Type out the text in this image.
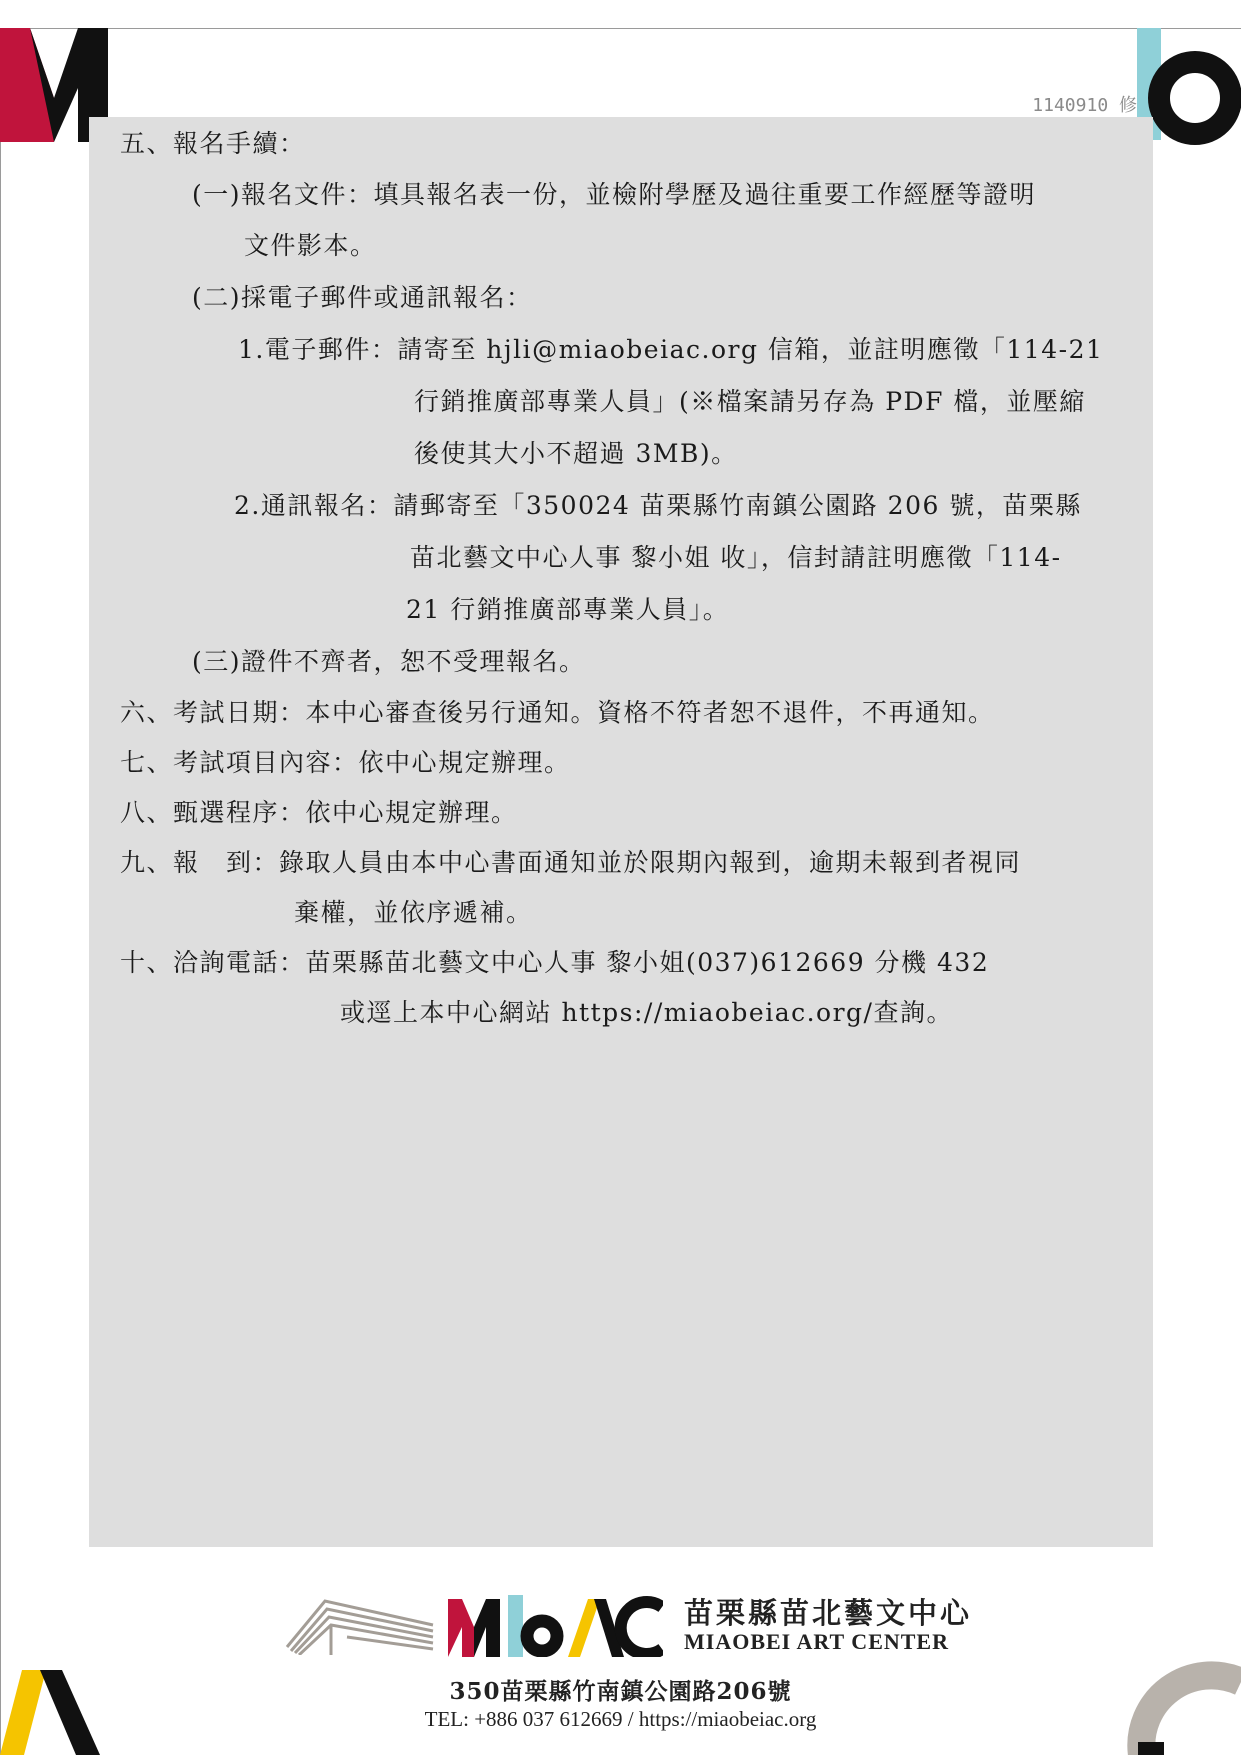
1140910 修
五、報名手續：
(一)報名文件：填具報名表一份，並檢附學歷及過往重要工作經歷等證明
文件影本。
(二)採電子郵件或通訊報名：
1.電子郵件：請寄至 hjli@miaobeiac.org 信箱，並註明應徵「114-21
行銷推廣部專業人員」(※檔案請另存為 PDF 檔，並壓縮
後使其大小不超過 3MB)。
2.通訊報名：請郵寄至「350024 苗栗縣竹南鎮公園路 206 號，苗栗縣
苗北藝文中心人事 黎小姐 收」，信封請註明應徵「114-
21 行銷推廣部專業人員」。
(三)證件不齊者，恕不受理報名。
六、考試日期：本中心審查後另行通知。資格不符者恕不退件，不再通知。
七、考試項目內容：依中心規定辦理。
八、甄選程序：依中心規定辦理。
九、報　到：錄取人員由本中心書面通知並於限期內報到，逾期未報到者視同
棄權，並依序遞補。
十、洽詢電話：苗栗縣苗北藝文中心人事 黎小姐(037)612669 分機 432
或逕上本中心網站 https://miaobeiac.org/查詢。
苗栗縣苗北藝文中心
MIAOBEI ART CENTER
350苗栗縣竹南鎮公園路206號
TEL: +886 037 612669 / https://miaobeiac.org
